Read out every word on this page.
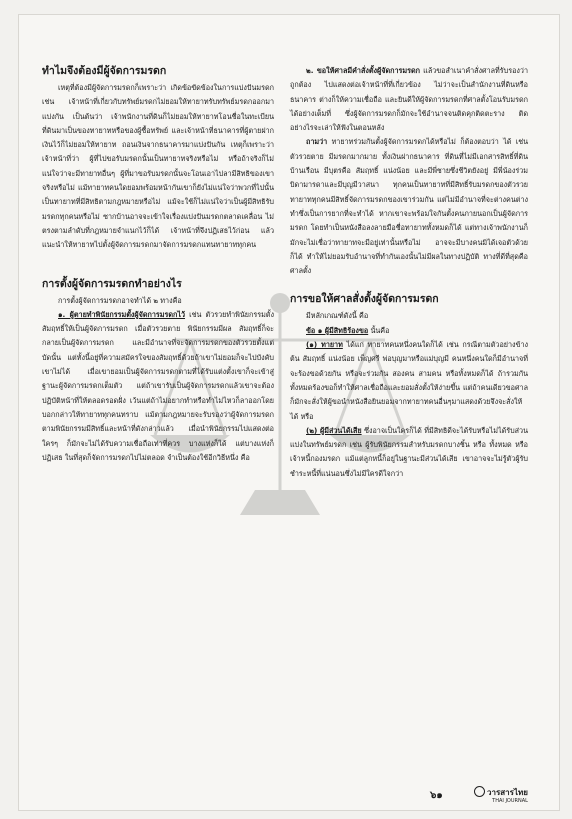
ทำไมจึงต้องมีผู้จัดการมรดก

เหตุที่ต้องมีผู้จัดการมรดกก็เพราะว่า เกิดข้อขัดข้องในการแบ่งปันมรดก เช่น เจ้าหน้าที่เกี่ยวกับทรัพย์มรดกไม่ยอมให้ทายาทรับทรัพย์มรดกออกมาแบ่งกัน เป็นต้นว่า เจ้าพนักงานที่ดินก็ไม่ยอมให้ทายาทโอนชื่อในทะเบียนที่ดินมาเป็นของทายาทหรือของผู้ซื้อทรัพย์ และเจ้าหน้าที่ธนาคารที่ผู้ตายฝากเงินไว้ก็ไม่ยอมให้ทายาท ถอนเงินจากธนาคารมาแบ่งปันกัน เหตุก็เพราะว่าเจ้าหน้าที่ว่า ผู้ที่ไปขอรับมรดกนั้นเป็นทายาทจริงหรือไม่ หรือถ้าจริงก็ไม่แน่ใจว่าจะมีทายาทอื่นๆ ผู้ที่มาขอรับมรดกนั้นจะโอนเอาไปลามีสิทธิของเขาจริงหรือไม่ แม้ทายาทคนใดยอมพร้อมหน้ากันเขาก็ยังไม่แน่ใจว่าพวกที่ไปนั้นเป็นทายาทที่มีสิทธิตามกฎหมายหรือไม่ แม้จะใช้ก็ไม่แน่ใจว่าเป็นผู้มีสิทธิรับมรดกทุกคนหรือไม่ ซากบ้านอาจจะเข้าใจเรื่องแบ่งปันมรดกตลาดเคลื่อน ไม่ตรงตามลำดับที่กฎหมายจำแนกไว้ก็ได้ เจ้าหน้าที่จึงปฏิเสธไว้ก่อน แล้วแนะนำให้ทายาทไปตั้งผู้จัดการมรดกมาจัดการมรดกแทนทายาททุกคน

การตั้งผู้จัดการมรดกทำอย่างไร

การตั้งผู้จัดการมรดกอาจทำได้ ๒ ทางคือ

๑. ผู้ตายทำพินัยกรรมตั้งผู้จัดการมรดกไว้ เช่น ตัวรวยทำพินัยกรรมตั้งสัมฤทธิ์ให้เป็นผู้จัดการมรดก เมื่อตัวรวยตาย พินัยกรรมมีผล สัมฤทธิ์ก็จะกลายเป็นผู้จัดการมรดก และมีอำนาจที่จะจัดการมรดกของตัวรวยตั้งแต่บัดนั้น แต่ทั้งนี้อยู่ที่ความสมัครใจของสัมฤทธิ์ด้วยถ้าเขาไม่ยอมก็จะไปบังคับเขาไม่ได้ เมื่อเขายอมเป็นผู้จัดการมรดกตามที่ได้รับแต่งตั้งเขาก็จะเข้าสู่ฐานะผู้จัดการมรดกเต็มตัว แต่ถ้าเขารับเป็นผู้จัดการมรดกแล้วเขาจะต้องปฏิบัติหน้าที่ให้ตลอดรอดฝั่ง เว้นแต่ถ้าไม่อยากทำหรือทำไม่ไหวก็ลาออกโดยบอกกล่าวให้ทายาททุกคนทราบ แม้ตามกฎหมายจะรับรองว่าผู้จัดการมรดกตามพินัยกรรมมีสิทธิ์และหน้าที่ดังกล่าวแล้ว เมื่อนำพินัยกรรมไปแสดงต่อใครๆ ก็มักจะไม่ได้รับความเชื่อถือเท่าที่ควร บางแห่งก็ได้ แต่บางแห่งก็ปฏิเสธ ในที่สุดก็จัดการมรดกไปไม่ตลอด จำเป็นต้องใช้อีกวิธีหนึ่ง คือ

๒. ขอให้ศาลมีคำสั่งตั้งผู้จัดการมรดก แล้วขอสำเนาคำสั่งศาลที่รับรองว่าถูกต้อง ไปแสดงต่อเจ้าหน้าที่ที่เกี่ยวข้อง ไม่ว่าจะเป็นสำนักงานที่ดินหรือธนาคาร ต่างก็ให้ความเชื่อถือ และยินดีให้ผู้จัดการมรดกที่ศาลตั้งโอนรับมรดกได้อย่างเต็มที่ ซึ่งผู้จัดการมรดกก็มักจะใช้อำนาจจนติดคุกติดตะราง ติดอย่างไรจะเล่าให้ฟังในตอนหลัง

ถามว่า ทายาทร่วมกันตั้งผู้จัดการมรดกได้หรือไม่ ก็ต้องตอบว่า ได้ เช่น ตัวรวยตาย มีมรดกมากมาย ทั้งเงินฝากธนาคาร ที่ดินที่ไม่มีเอกสารสิทธิ์ที่ดินบ้านเรือน มีบุตรคือ สัมฤทธิ์ แน่งน้อย และมีพี่ชายซึ่งชีวิตยังอยู่ มีพี่น้องร่วมบิดามารดาและมีบุญมีวาสนา ทุกคนเป็นทายาทที่มีสิทธิ์รับมรดกของตัวรวย ทายาททุกคนมีสิทธิ์จัดการมรดกของเขาร่วมกัน แต่ไม่มีอำนาจที่จะต่างคนต่างทำซึ่งเป็นการยากที่จะทำได้ หากเขาจะพร้อมใจกันตั้งคนภายนอกเป็นผู้จัดการมรดก โดยทำเป็นหนังสือลงลายมือชื่อทายาททั้งหมดก็ได้ แต่ทางเจ้าพนักงานก็มักจะไม่เชื่อว่าทายาทจะมีอยู่เท่านั้นหรือไม่ อาจจะมีบางคนมิได้เจอตัวด้วยก็ได้ ทำให้ไม่ยอมรับอำนาจที่ทำกันเองนั้นไม่มีผลในทางปฏิบัติ ทางที่ดีที่สุดคือ ศาลตั้ง

การขอให้ศาลสั่งตั้งผู้จัดการมรดก

มีหลักเกณฑ์ดังนี้ คือ

ข้อ ๑ ผู้มีสิทธิร้องขอ นั้นคือ

(๑) ทายาท ได้แก่ ทายาทคนหนึ่งคนใดก็ได้ เช่น กรณีตามตัวอย่างข้างต้น สัมฤทธิ์ แน่งน้อย เพ็ญศรี พ่อบุญมาหรือแม่บุญมี คนหนึ่งคนใดก็มีอำนาจที่จะร้องขอด้วยกัน หรือจะร่วมกัน สองคน สามคน หรือทั้งหมดก็ได้ ถ้ารวมกันทั้งหมดร้องขอก็ทำให้ศาลเชื่อถือและยอมสั่งตั้งให้ง่ายขึ้น แต่ถ้าคนเดียวขอศาลก็มักจะสั่งให้ผู้ขอนำหนังสือยินยอมจากทายาทคนอื่นๆมาแสดงด้วยจึงจะสั่งให้ได้ หรือ

(๒) ผู้มีส่วนได้เสีย ซึ่งอาจเป็นใครก็ได้ ที่มีสิทธิดีจะได้รับหรือไม่ได้รับส่วนแบ่งในทรัพย์มรดก เช่น ผู้รับพินัยกรรมสำหรับมรดกบางชิ้น หรือ ทั้งหมด หรือเจ้าหนี้กองมรดก แม้แต่ลูกหนี้ก็อยู่ในฐานะมีส่วนได้เสีย เขาอาจจะไม่รู้ตัวผู้รับชำระหนี้ที่แน่นอนซึ่งไม่มีใครดีใจกว่า

๖๑	วารสารไทย
THAI JOURNAL
